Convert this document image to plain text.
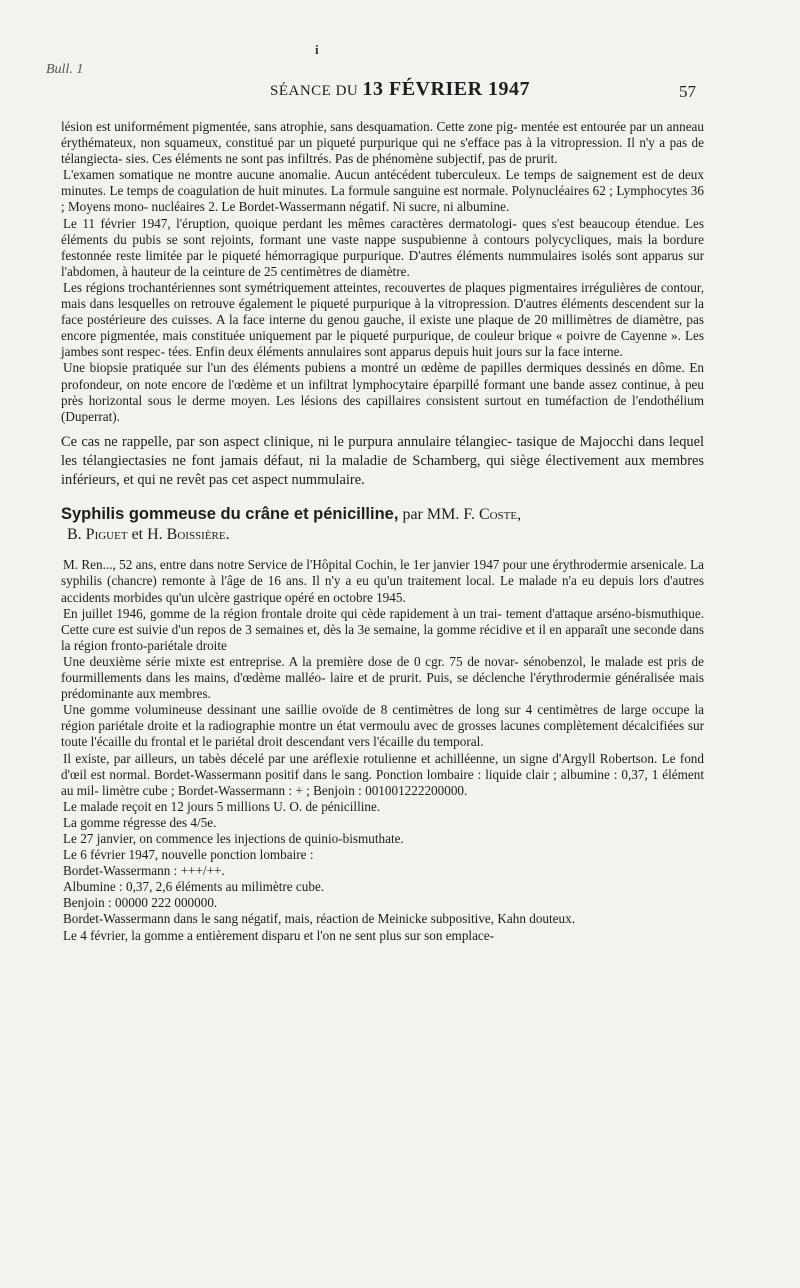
Bull. 1
i
SÉANCE DU 13 FÉVRIER 1947	57

lésion est uniformément pigmentée, sans atrophie, sans desquamation. Cette zone pig- mentée est entourée par un anneau érythémateux, non squameux, constitué par un piqueté purpurique qui ne s'efface pas à la vitropression. Il n'y a pas de télangiecta- sies. Ces éléments ne sont pas infiltrés. Pas de phénomène subjectif, pas de prurit.

L'examen somatique ne montre aucune anomalie. Aucun antécédent tuberculeux. Le temps de saignement est de deux minutes. Le temps de coagulation de huit minutes. La formule sanguine est normale. Polynucléaires 62 ; Lymphocytes 36 ; Moyens mono- nucléaires 2. Le Bordet-Wassermann négatif. Ni sucre, ni albumine.

Le 11 février 1947, l'éruption, quoique perdant les mêmes caractères dermatologi- ques s'est beaucoup étendue. Les éléments du pubis se sont rejoints, formant une vaste nappe suspubienne à contours polycycliques, mais la bordure festonnée reste limitée par le piqueté hémorragique purpurique. D'autres éléments nummulaires isolés sont apparus sur l'abdomen, à hauteur de la ceinture de 25 centimètres de diamètre.

Les régions trochantériennes sont symétriquement atteintes, recouvertes de plaques pigmentaires irrégulières de contour, mais dans lesquelles on retrouve également le piqueté purpurique à la vitropression. D'autres éléments descendent sur la face postérieure des cuisses. A la face interne du genou gauche, il existe une plaque de 20 millimètres de diamètre, pas encore pigmentée, mais constituée uniquement par le piqueté purpurique, de couleur brique « poivre de Cayenne ». Les jambes sont respec- tées. Enfin deux éléments annulaires sont apparus depuis huit jours sur la face interne.

Une biopsie pratiquée sur l'un des éléments pubiens a montré un œdème de papilles dermiques dessinés en dôme. En profondeur, on note encore de l'œdème et un infiltrat lymphocytaire éparpillé formant une bande assez continue, à peu près horizontal sous le derme moyen. Les lésions des capillaires consistent surtout en tuméfaction de l'endothélium (Duperrat).

Ce cas ne rappelle, par son aspect clinique, ni le purpura annulaire télangiec- tasique de Majocchi dans lequel les télangiectasies ne font jamais défaut, ni la maladie de Schamberg, qui siège électivement aux membres inférieurs, et qui ne revêt pas cet aspect nummulaire.

Syphilis gommeuse du crâne et pénicilline, par MM. F. Coste,
B. Piguet et H. Boissière.

M. Ren..., 52 ans, entre dans notre Service de l'Hôpital Cochin, le 1er janvier 1947 pour une érythrodermie arsenicale. La syphilis (chancre) remonte à l'âge de 16 ans. Il n'y a eu qu'un traitement local. Le malade n'a eu depuis lors d'autres accidents morbides qu'un ulcère gastrique opéré en octobre 1945.

En juillet 1946, gomme de la région frontale droite qui cède rapidement à un trai- tement d'attaque arséno-bismuthique. Cette cure est suivie d'un repos de 3 semaines et, dès la 3e semaine, la gomme récidive et il en apparaît une seconde dans la région fronto-pariétale droite

Une deuxième série mixte est entreprise. A la première dose de 0 cgr. 75 de novar- sénobenzol, le malade est pris de fourmillements dans les mains, d'œdème malléo- laire et de prurit. Puis, se déclenche l'érythrodermie généralisée mais prédominante aux membres.

Une gomme volumineuse dessinant une saillie ovoïde de 8 centimètres de long sur 4 centimètres de large occupe la région pariétale droite et la radiographie montre un état vermoulu avec de grosses lacunes complètement décalcifiées sur toute l'écaille du frontal et le pariétal droit descendant vers l'écaille du temporal.

Il existe, par ailleurs, un tabès décelé par une aréflexie rotulienne et achilléenne, un signe d'Argyll Robertson. Le fond d'œil est normal. Bordet-Wassermann positif dans le sang. Ponction lombaire : liquide clair ; albumine : 0,37, 1 élément au mil- limètre cube ; Bordet-Wassermann : + ; Benjoin : 001001222200000.

Le malade reçoit en 12 jours 5 millions U. O. de pénicilline.

La gomme régresse des 4/5e.

Le 27 janvier, on commence les injections de quinio-bismuthate.

Le 6 février 1947, nouvelle ponction lombaire :

Bordet-Wassermann : +++/++.

Albumine : 0,37, 2,6 éléments au milimètre cube.

Benjoin : 00000 222 000000.

Bordet-Wassermann dans le sang négatif, mais, réaction de Meinicke subpositive, Kahn douteux.

Le 4 février, la gomme a entièrement disparu et l'on ne sent plus sur son emplace-
